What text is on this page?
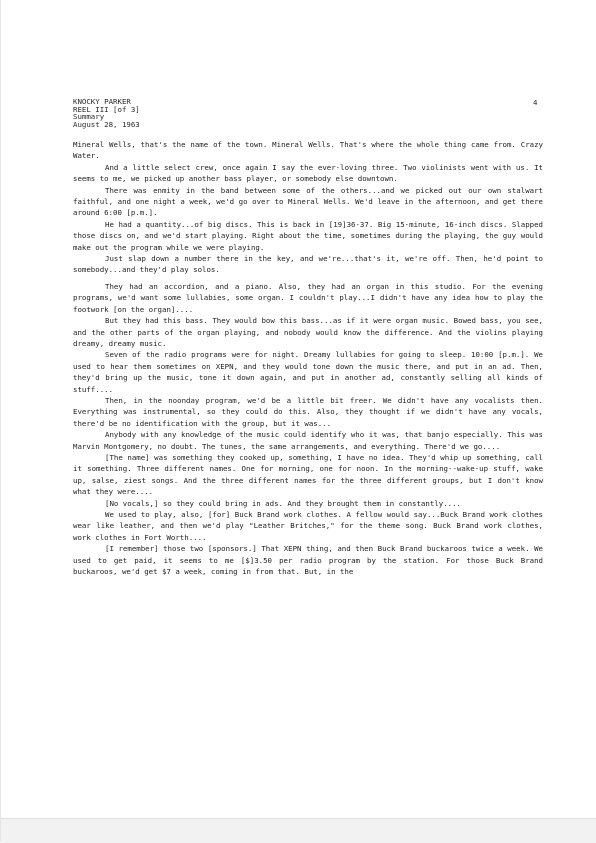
KNOCKY PARKER
REEL III [of 3]
Summary
August 28, 1963
4

Mineral Wells, that's the name of the town. Mineral Wells. That's where the whole thing came from. Crazy Water.

And a little select crew, once again I say the ever-loving three. Two violinists went with us. It seems to me, we picked up another bass player, or somebody else downtown.

There was enmity in the band between some of the others...and we picked out our own stalwart faithful, and one night a week, we'd go over to Mineral Wells. We'd leave in the afternoon, and get there around 6:00 [p.m.].

He had a quantity...of big discs. This is back in [19]36-37. Big 15-minute, 16-inch discs. Slapped those discs on, and we'd start playing. Right about the time, sometimes during the playing, the guy would make out the program while we were playing.

Just slap down a number there in the key, and we're...that's it, we're off. Then, he'd point to somebody...and they'd play solos.

They had an accordion, and a piano. Also, they had an organ in this studio. For the evening programs, we'd want some lullabies, some organ. I couldn't play...I didn't have any idea how to play the footwork [on the organ]....

But they had this bass. They would bow this bass...as if it were organ music. Bowed bass, you see, and the other parts of the organ playing, and nobody would know the difference. And the violins playing dreamy, dreamy music.

Seven of the radio programs were for night. Dreamy lullabies for going to sleep. 10:00 [p.m.]. We used to hear them sometimes on XEPN, and they would tone down the music there, and put in an ad. Then, they'd bring up the music, tone it down again, and put in another ad, constantly selling all kinds of stuff....

Then, in the noonday program, we'd be a little bit freer. We didn't have any vocalists then. Everything was instrumental, so they could do this. Also, they thought if we didn't have any vocals, there'd be no identification with the group, but it was...

Anybody with any knowledge of the music could identify who it was, that banjo especially. This was Marvin Montgomery, no doubt. The tunes, the same arrangements, and everything. There'd we go....

[The name] was something they cooked up, something, I have no idea. They'd whip up something, call it something. Three different names. One for morning, one for noon. In the morning--wake-up stuff, wake up, salse, ziest songs. And the three different names for the three different groups, but I don't know what they were....

[No vocals,] so they could bring in ads. And they brought them in constantly....

We used to play, also, [for] Buck Brand work clothes. A fellow would say...Buck Brand work clothes wear like leather, and then we'd play "Leather Britches," for the theme song. Buck Brand work clothes, work clothes in Fort Worth....

[I remember] those two [sponsors.] That XEPN thing, and then Buck Brand buckaroos twice a week. We used to get paid, it seems to me [$]3.50 per radio program by the station. For those Buck Brand buckaroos, we'd get $7 a week, coming in from that. But, in the
